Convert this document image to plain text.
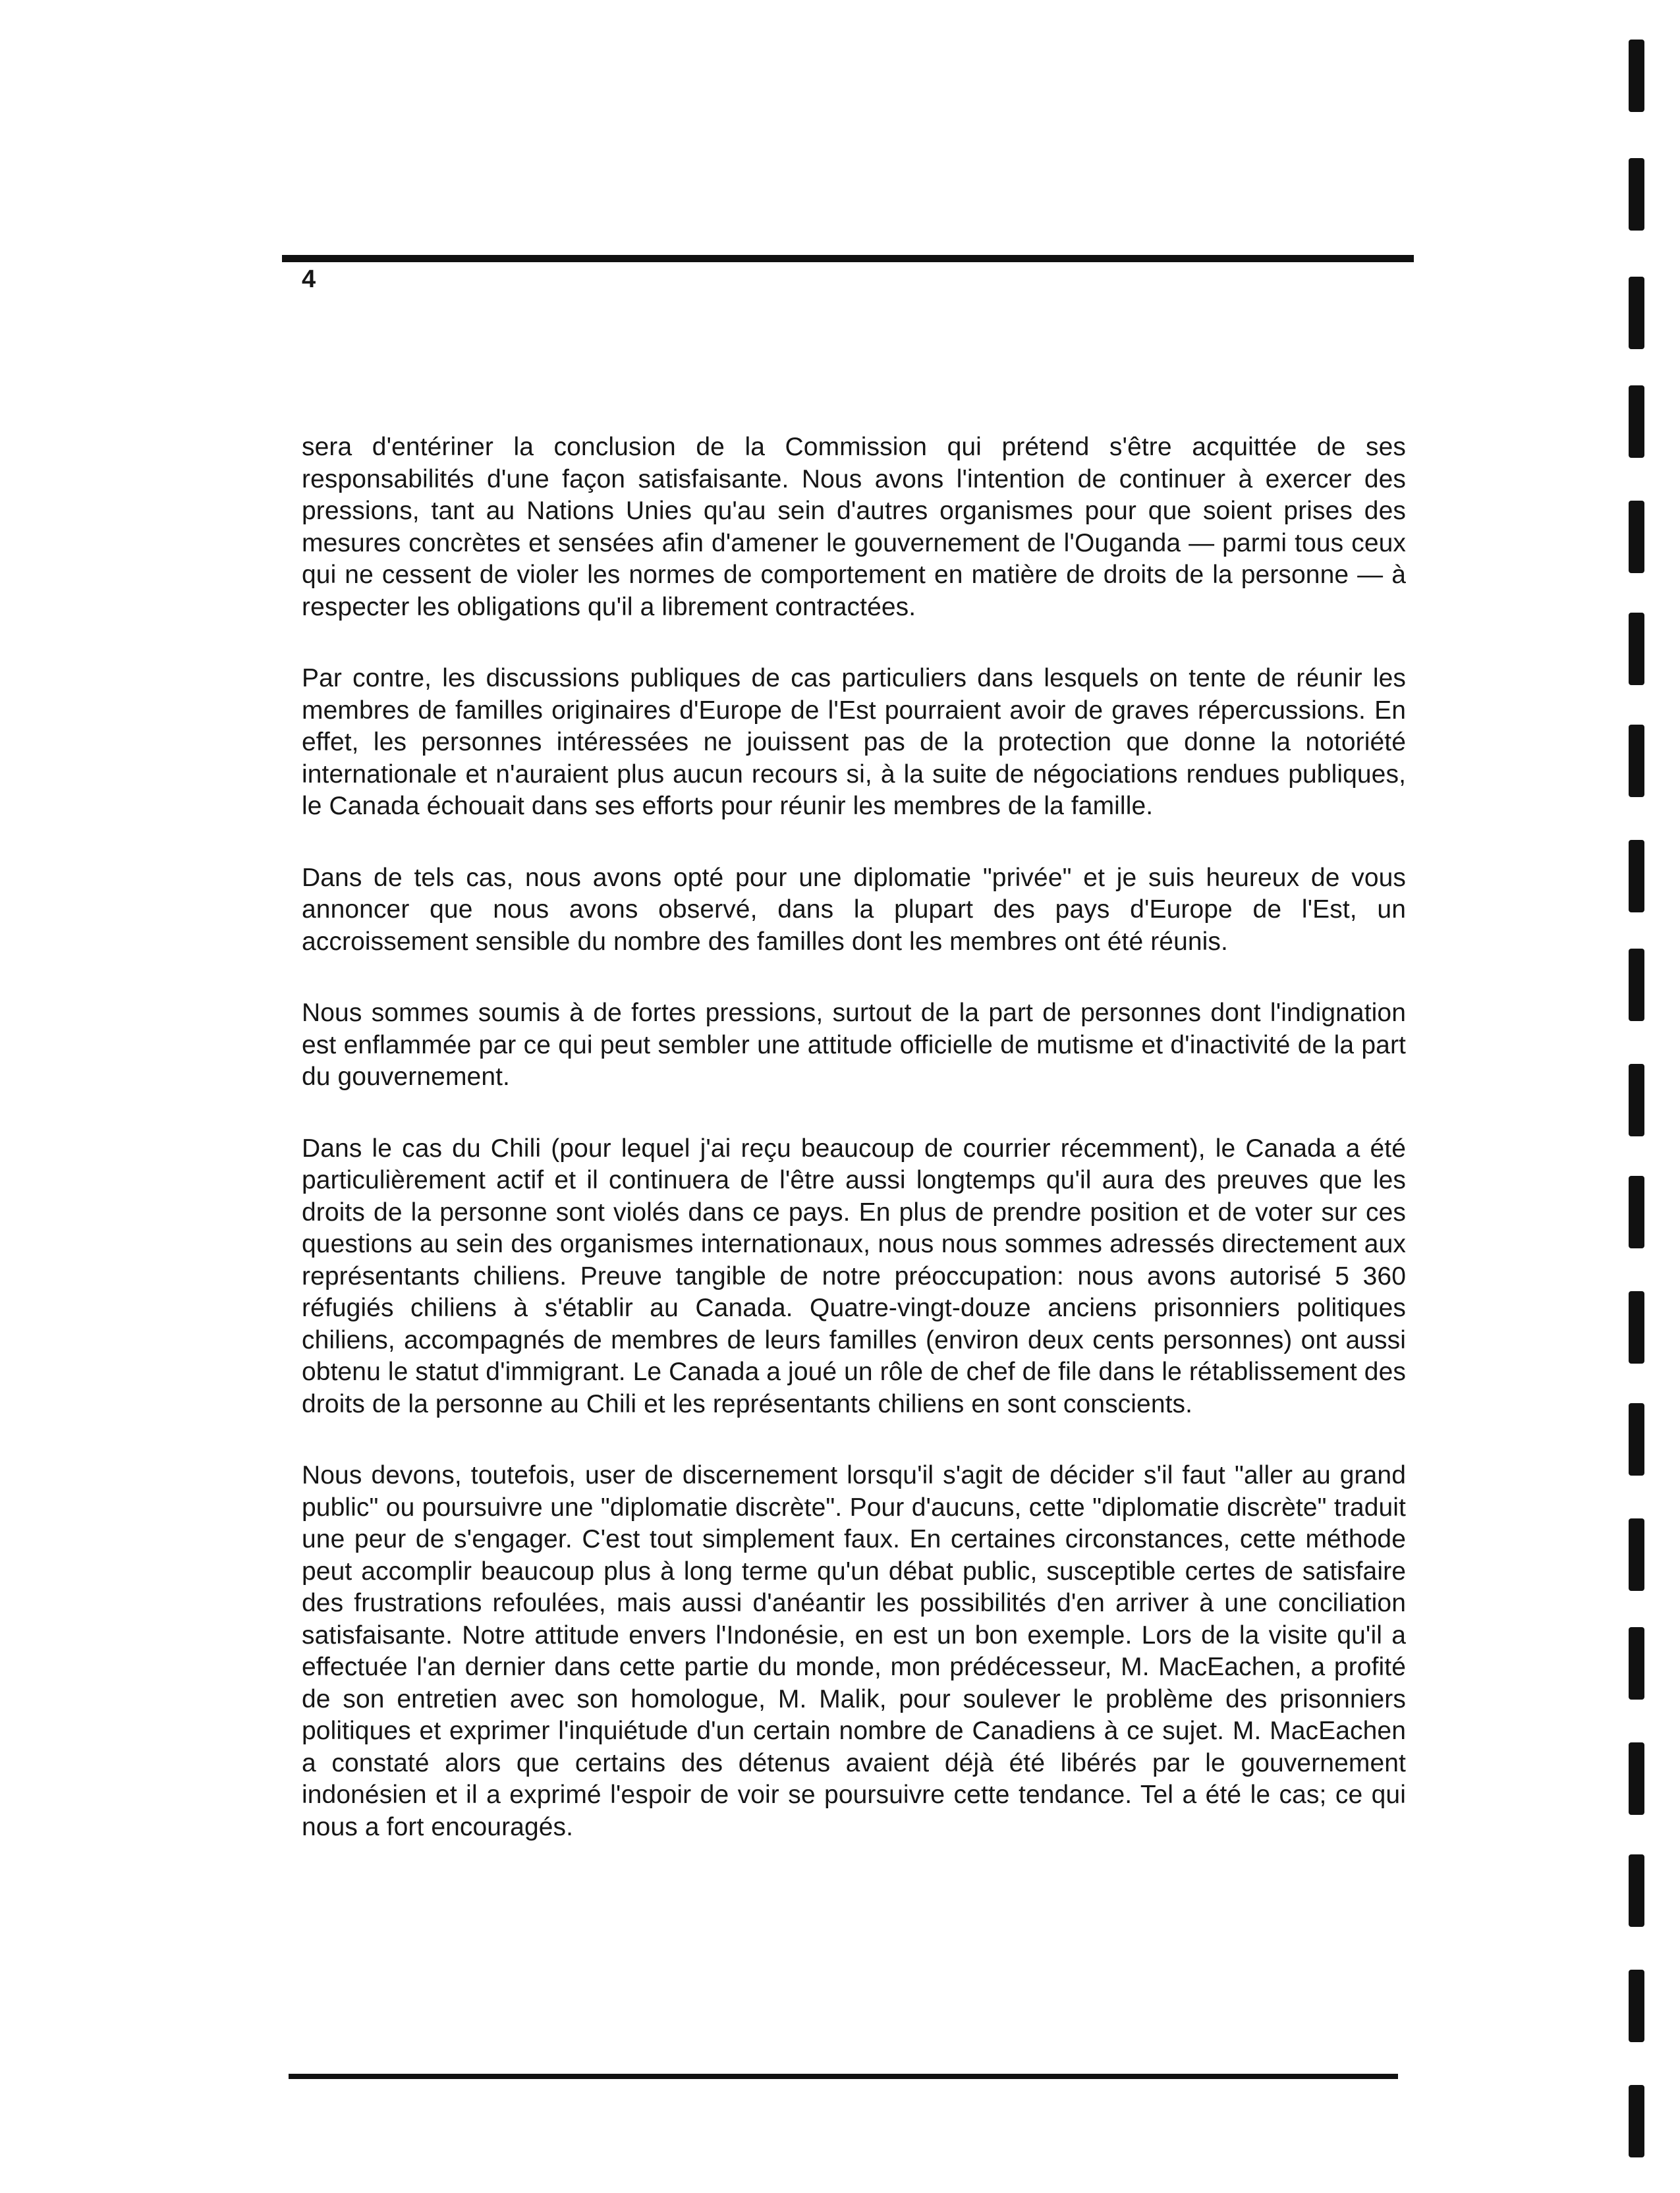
4

sera d'entériner la conclusion de la Commission qui prétend s'être acquittée de ses responsabilités d'une façon satisfaisante. Nous avons l'intention de continuer à exercer des pressions, tant au Nations Unies qu'au sein d'autres organismes pour que soient prises des mesures concrètes et sensées afin d'amener le gouvernement de l'Ouganda — parmi tous ceux qui ne cessent de violer les normes de comportement en matière de droits de la personne — à respecter les obligations qu'il a librement contractées.

Par contre, les discussions publiques de cas particuliers dans lesquels on tente de réunir les membres de familles originaires d'Europe de l'Est pourraient avoir de graves répercussions. En effet, les personnes intéressées ne jouissent pas de la protection que donne la notoriété internationale et n'auraient plus aucun recours si, à la suite de négociations rendues publiques, le Canada échouait dans ses efforts pour réunir les membres de la famille.

Dans de tels cas, nous avons opté pour une diplomatie "privée" et je suis heureux de vous annoncer que nous avons observé, dans la plupart des pays d'Europe de l'Est, un accroissement sensible du nombre des familles dont les membres ont été réunis.

Nous sommes soumis à de fortes pressions, surtout de la part de personnes dont l'indignation est enflammée par ce qui peut sembler une attitude officielle de mutisme et d'inactivité de la part du gouvernement.

Dans le cas du Chili (pour lequel j'ai reçu beaucoup de courrier récemment), le Canada a été particulièrement actif et il continuera de l'être aussi longtemps qu'il aura des preuves que les droits de la personne sont violés dans ce pays. En plus de prendre position et de voter sur ces questions au sein des organismes internationaux, nous nous sommes adressés directement aux représentants chiliens. Preuve tangible de notre préoccupation: nous avons autorisé 5 360 réfugiés chiliens à s'établir au Canada. Quatre-vingt-douze anciens prisonniers politiques chiliens, accompagnés de membres de leurs familles (environ deux cents personnes) ont aussi obtenu le statut d'immigrant. Le Canada a joué un rôle de chef de file dans le rétablissement des droits de la personne au Chili et les représentants chiliens en sont conscients.

Nous devons, toutefois, user de discernement lorsqu'il s'agit de décider s'il faut "aller au grand public" ou poursuivre une "diplomatie discrète". Pour d'aucuns, cette "diplomatie discrète" traduit une peur de s'engager. C'est tout simplement faux. En certaines circonstances, cette méthode peut accomplir beaucoup plus à long terme qu'un débat public, susceptible certes de satisfaire des frustrations refoulées, mais aussi d'anéantir les possibilités d'en arriver à une conciliation satisfaisante. Notre attitude envers l'Indonésie, en est un bon exemple. Lors de la visite qu'il a effectuée l'an dernier dans cette partie du monde, mon prédécesseur, M. MacEachen, a profité de son entretien avec son homologue, M. Malik, pour soulever le problème des prisonniers politiques et exprimer l'inquiétude d'un certain nombre de Canadiens à ce sujet. M. MacEachen a constaté alors que certains des détenus avaient déjà été libérés par le gouvernement indonésien et il a exprimé l'espoir de voir se poursuivre cette tendance. Tel a été le cas; ce qui nous a fort encouragés.
